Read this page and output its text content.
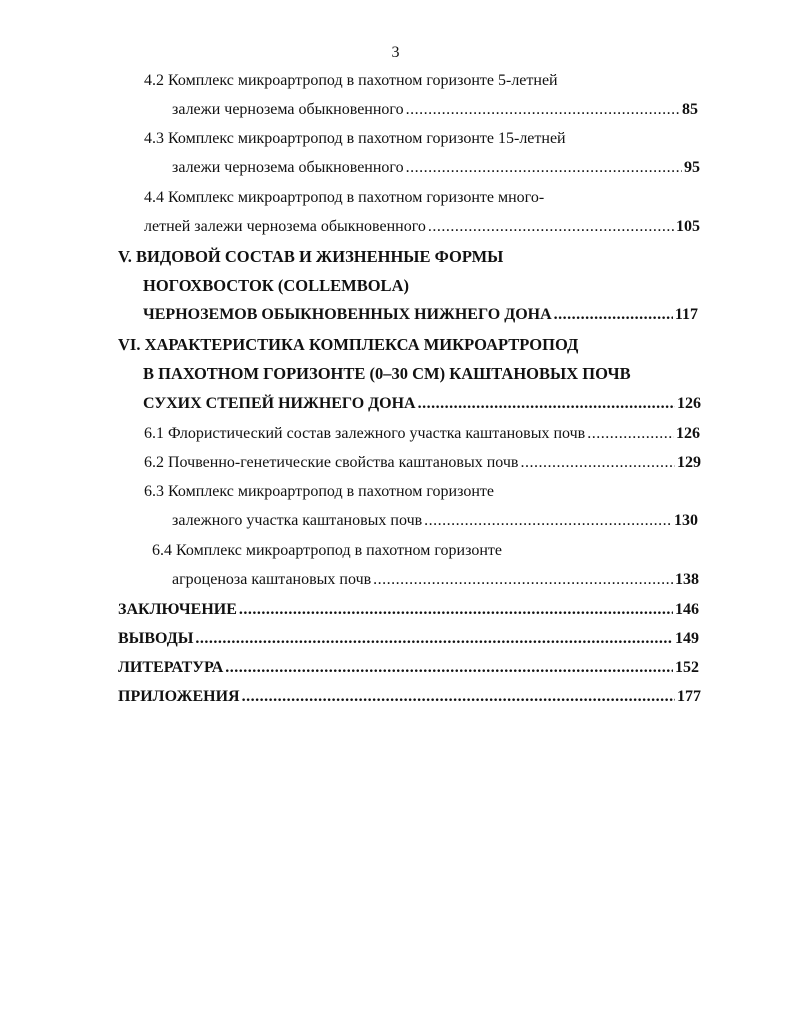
3
4.2 Комплекс микроартропод в пахотном горизонте 5-летней
залежи чернозема обыкновенного .....	85
4.3 Комплекс микроартропод в пахотном горизонте 15-летней
залежи чернозема обыкновенного .....	95
4.4 Комплекс микроартропод в пахотном горизонте много-
летней залежи чернозема обыкновенного .....	105
V. ВИДОВОЙ СОСТАВ И ЖИЗНЕННЫЕ ФОРМЫ
НОГОХВОСТОК (COLLEMBOLA)
ЧЕРНОЗЕМОВ ОБЫКНОВЕННЫХ НИЖНЕГО ДОНА .....	117
VI. ХАРАКТЕРИСТИКА КОМПЛЕКСА МИКРОАРТРОПОД
В ПАХОТНОМ ГОРИЗОНТЕ (0–30 СМ) КАШТАНОВЫХ ПОЧВ
СУХИХ СТЕПЕЙ НИЖНЕГО ДОНА .....	126
6.1 Флористический состав залежного участка каштановых почв .....	126
6.2 Почвенно-генетические свойства каштановых почв .....	129
6.3 Комплекс микроартропод в пахотном горизонте
залежного участка каштановых почв .....	130
6.4 Комплекс микроартропод в пахотном горизонте
агроценоза каштановых почв .....	138
ЗАКЛЮЧЕНИЕ .....	146
ВЫВОДЫ .....	149
ЛИТЕРАТУРА .....	152
ПРИЛОЖЕНИЯ .....	177
